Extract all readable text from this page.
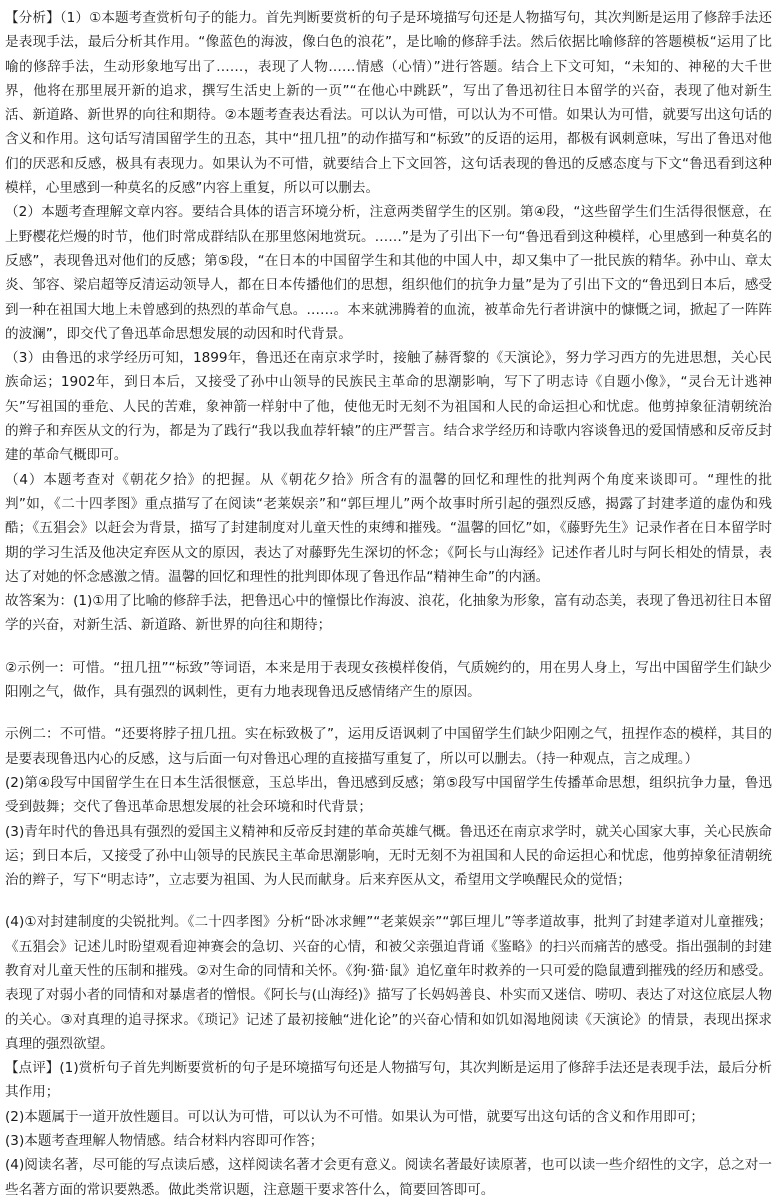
【分析】（1）①本题考查赏析句子的能力。首先判断要赏析的句子是环境描写句还是人物描写句，其次判断是运用了修辞手法还是表现手法，最后分析其作用。“像蓝色的海波，像白色的浪花”，是比喻的修辞手法。然后依据比喻修辞的答题模板“运用了比喻的修辞手法，生动形象地写出了……，表现了人物……情感（心情）”进行答题。结合上下文可知，“未知的、神秘的大千世界，他将在那里展开新的追求，撰写生活史上新的一页”“在他心中跳跃”，写出了鲁迅初往日本留学的兴奋，表现了他对新生活、新道路、新世界的向往和期待。②本题考查表达看法。可以认为可惜，可以认为不可惜。如果认为可惜，就要写出这句话的含义和作用。这句话写清国留学生的丑态，其中“扭几扭”的动作描写和“标致”的反语的运用，都极有讽刺意味，写出了鲁迅对他们的厌恶和反感，极具有表现力。如果认为不可惜，就要结合上下文回答，这句话表现的鲁迅的反感态度与下文“鲁迅看到这种模样，心里感到一种莫名的反感”内容上重复，所以可以删去。

（2）本题考查理解文章内容。要结合具体的语言环境分析，注意两类留学生的区别。第④段，“这些留学生们生活得很惬意，在上野樱花烂熳的时节，他们时常成群结队在那里悠闲地赏玩。……”是为了引出下一句“鲁迅看到这种模样，心里感到一种莫名的反感”，表现鲁迅对他们的反感；第⑤段，“在日本的中国留学生和其他的中国人中，却又集中了一批民族的精华。孙中山、章太炎、邹容、梁启超等反清运动领导人，都在日本传播他们的思想，组织他们的抗争力量”是为了引出下文的“鲁迅到日本后，感受到一种在祖国大地上未曾感到的热烈的革命气息。……。本来就沸腾着的血流，被革命先行者讲演中的慷慨之词，掀起了一阵阵的波澜”，即交代了鲁迅革命思想发展的动因和时代背景。

（3）由鲁迅的求学经历可知，1899年，鲁迅还在南京求学时，接触了赫胥黎的《天演论》，努力学习西方的先进思想，关心民族命运；1902年，到日本后，又接受了孙中山领导的民族民主革命的思潮影响，写下了明志诗《自题小像》，“灵台无计逃神矢”写祖国的垂危、人民的苦难，象神箭一样射中了他，使他无时无刻不为祖国和人民的命运担心和忧虑。他剪掉象征清朝统治的辫子和弃医从文的行为，都是为了践行“我以我血荐轩辕”的庄严誓言。结合求学经历和诗歌内容谈鲁迅的爱国情感和反帝反封建的革命气概即可。

（4）本题考查对《朝花夕拾》的把握。从《朝花夕拾》所含有的温馨的回忆和理性的批判两个角度来谈即可。“理性的批判”如，《二十四孝图》重点描写了在阅读“老莱娱亲”和“郭巨埋儿”两个故事时所引起的强烈反感，揭露了封建孝道的虚伪和残酷；《五猖会》以赶会为背景，描写了封建制度对儿童天性的束缚和摧残。“温馨的回忆”如，《藤野先生》记录作者在日本留学时期的学习生活及他决定弃医从文的原因，表达了对藤野先生深切的怀念；《阿长与山海经》记述作者儿时与阿长相处的情景，表达了对她的怀念感激之情。温馨的回忆和理性的批判即体现了鲁迅作品“精神生命”的内涵。

故答案为：(1)①用了比喻的修辞手法，把鲁迅心中的憧憬比作海波、浪花，化抽象为形象，富有动态美，表现了鲁迅初往日本留学的兴奋，对新生活、新道路、新世界的向往和期待；

②示例一：可惜。“扭几扭”“标致”等词语，本来是用于表现女孩模样俊俏，气质婉约的，用在男人身上，写出中国留学生们缺少阳刚之气，做作，具有强烈的讽刺性，更有力地表现鲁迅反感情绪产生的原因。

示例二：不可惜。“还要将脖子扭几扭。实在标致极了”，运用反语讽刺了中国留学生们缺少阳刚之气，扭捏作态的模样，其目的是要表现鲁迅内心的反感，这与后面一句对鲁迅心理的直接描写重复了，所以可以删去。（持一种观点，言之成理。）

(2)第④段写中国留学生在日本生活很惬意，玉总毕出，鲁迅感到反感；第⑤段写中国留学生传播革命思想，组织抗争力量，鲁迅受到鼓舞；交代了鲁迅革命思想发展的社会环境和时代背景；

(3)青年时代的鲁迅具有强烈的爱国主义精神和反帝反封建的革命英雄气概。鲁迅还在南京求学时，就关心国家大事，关心民族命运；到日本后，又接受了孙中山领导的民族民主革命思潮影响，无时无刻不为祖国和人民的命运担心和忧虑，他剪掉象征清朝统治的辫子，写下“明志诗”，立志要为祖国、为人民而献身。后来弃医从文，希望用文学唤醒民众的觉悟；

(4)①对封建制度的尖锐批判。《二十四孝图》分析“卧冰求鲤”“老莱娱亲”“郭巨埋儿”等孝道故事，批判了封建孝道对儿童摧残；《五猖会》记述儿时盼望观看迎神赛会的急切、兴奋的心情，和被父亲强迫背诵《鉴略》的扫兴而痛苦的感受。指出强制的封建教育对儿童天性的压制和摧残。②对生命的同情和关怀。《狗·猫·鼠》追忆童年时救养的一只可爱的隐鼠遭到摧残的经历和感受。表现了对弱小者的同情和对暴虐者的憎恨。《阿长与(山海经)》描写了长妈妈善良、朴实而又迷信、唠叨、表达了对这位底层人物的关心。③对真理的追寻探求。《琐记》记述了最初接触“进化论”的兴奋心情和如饥如渴地阅读《天演论》的情景，表现出探求真理的强烈欲望。

【点评】(1)赏析句子首先判断要赏析的句子是环境描写句还是人物描写句，其次判断是运用了修辞手法还是表现手法，最后分析其作用；

(2)本题属于一道开放性题目。可以认为可惜，可以认为不可惜。如果认为可惜，就要写出这句话的含义和作用即可；

(3)本题考查理解人物情感。结合材料内容即可作答；

(4)阅读名著，尽可能的写点读后感，这样阅读名著才会更有意义。阅读名著最好读原著，也可以读一些介绍性的文字，总之对一些名著方面的常识要熟悉。做此类常识题，注意题干要求答什么，简要回答即可。
